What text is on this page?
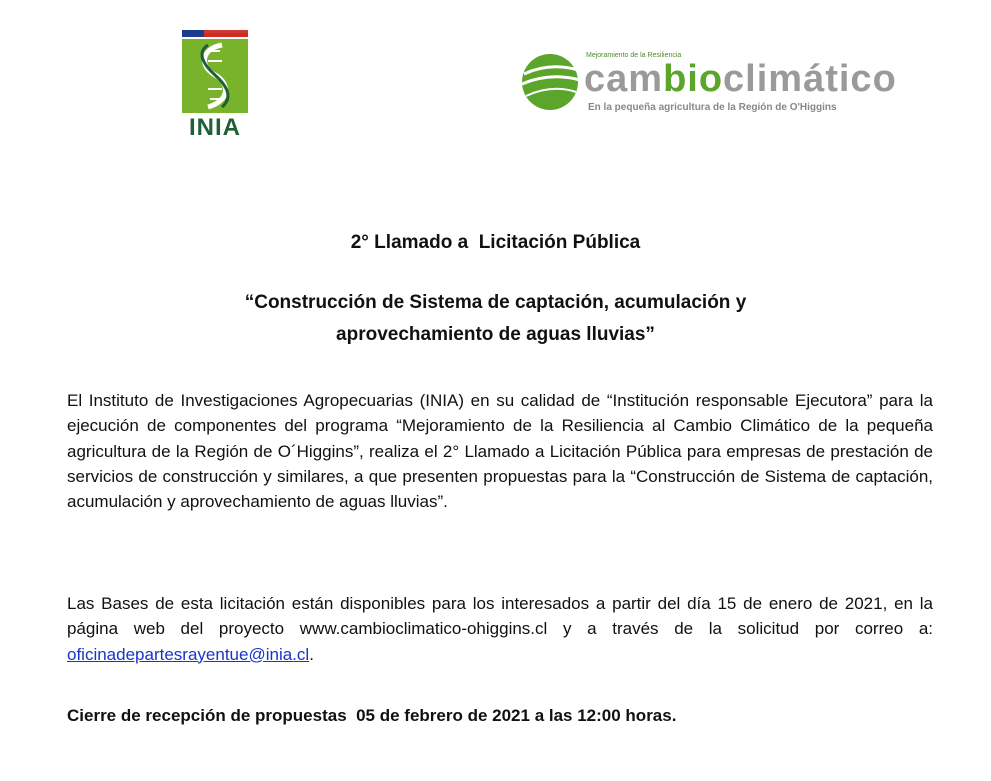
INIA
Mejoramiento de la Resiliencia
cambioclimático
En la pequeña agricultura de la Región de O'Higgins
2° Llamado a  Licitación Pública
“Construcción de Sistema de captación, acumulación y
aprovechamiento de aguas lluvias”
El Instituto de Investigaciones Agropecuarias (INIA) en su calidad de “Institución responsable Ejecutora” para la ejecución de componentes del programa “Mejoramiento de la Resiliencia al Cambio Climático de la pequeña agricultura de la Región de O´Higgins”, realiza el 2° Llamado a Licitación Pública para empresas de prestación de servicios de construcción y similares, a que presenten propuestas para la “Construcción de Sistema de captación, acumulación y aprovechamiento de aguas lluvias”.
Las Bases de esta licitación están disponibles para los interesados a partir del día 15 de enero de 2021, en la página web del proyecto www.cambioclimatico-ohiggins.cl y a través de la solicitud por correo a: oficinadepartesrayentue@inia.cl.
Cierre de recepción de propuestas  05 de febrero de 2021 a las 12:00 horas.
